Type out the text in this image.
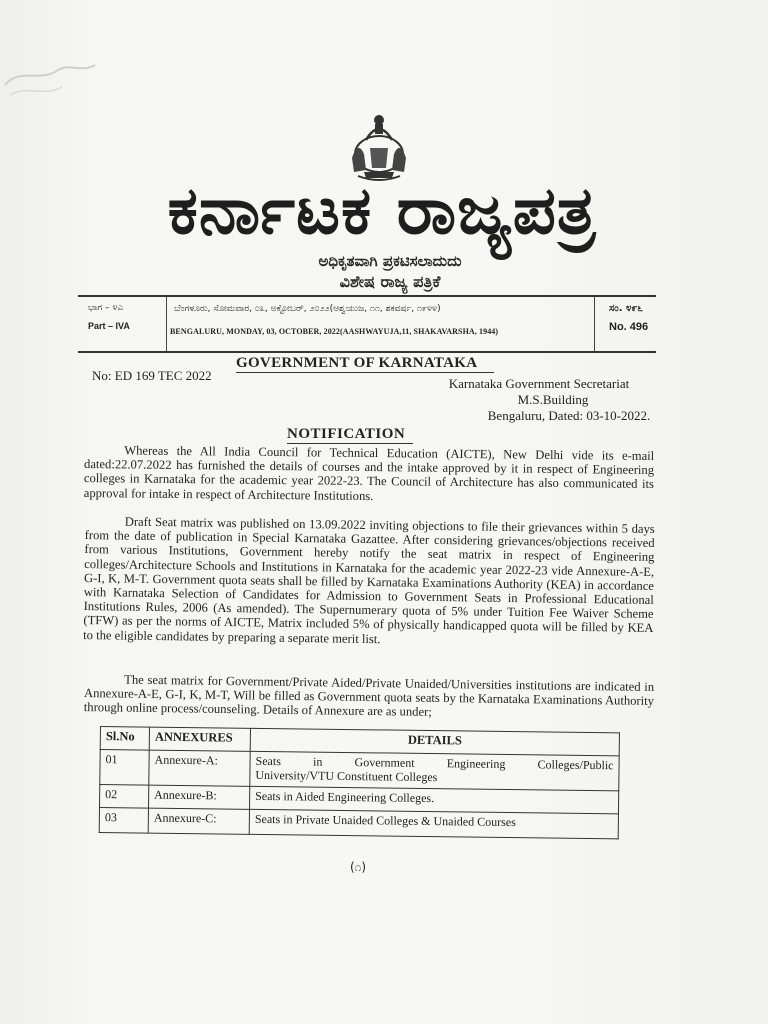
ಕರ್ನಾಟಕ ರಾಜ್ಯಪತ್ರ
ಅಧಿಕೃತವಾಗಿ ಪ್ರಕಟಿಸಲಾದುದು
ವಿಶೇಷ ರಾಜ್ಯ ಪತ್ರಿಕೆ
ಭಾಗ – ೪ಎ
Part – IVA
ಬೆಂಗಳೂರು, ಸೋಮವಾರ, ೦೩, ಅಕ್ಟೋಬರ್, ೨೦೨೨(ಆಶ್ವಯುಜ, ೧೧, ಶಕವರ್ಷ, ೧೯೪೪)
BENGALURU, MONDAY, 03, OCTOBER, 2022(AASHWAYUJA,11, SHAKAVARSHA, 1944)
ಸಂ. ೪೯೬
No. 496
GOVERNMENT OF KARNATAKA
No: ED 169 TEC 2022
Karnataka Government Secretariat
M.S.Building
Bengaluru, Dated: 03-10-2022.
NOTIFICATION
Whereas the All India Council for Technical Education (AICTE), New Delhi vide its e-mail dated:22.07.2022 has furnished the details of courses and the intake approved by it in respect of Engineering colleges in Karnataka for the academic year 2022-23. The Council of Architecture has also communicated its approval for intake in respect of Architecture Institutions.
Draft Seat matrix was published on 13.09.2022 inviting objections to file their grievances within 5 days from the date of publication in Special Karnataka Gazattee. After considering grievances/objections received from various Institutions, Government hereby notify the seat matrix in respect of Engineering colleges/Architecture Schools and Institutions in Karnataka for the academic year 2022-23 vide Annexure-A-E, G-I, K, M-T. Government quota seats shall be filled by Karnataka Examinations Authority (KEA) in accordance with Karnataka Selection of Candidates for Admission to Government Seats in Professional Educational Institutions Rules, 2006 (As amended). The Supernumerary quota of 5% under Tuition Fee Waiver Scheme (TFW) as per the norms of AICTE, Matrix included 5% of physically handicapped quota will be filled by KEA to the eligible candidates by preparing a separate merit list.
The seat matrix for Government/Private Aided/Private Unaided/Universities institutions are indicated in Annexure-A-E, G-I, K, M-T, Will be filled as Government quota seats by the Karnataka Examinations Authority through online process/counseling. Details of Annexure are as under;
Sl.No	ANNEXURES	DETAILS
01	Annexure-A:	Seats in Government Engineering Colleges/Public
University/VTU Constituent Colleges

02	Annexure-B:	Seats in Aided Engineering Colleges.
03	Annexure-C:	Seats in Private Unaided Colleges & Unaided Courses
(೧)
